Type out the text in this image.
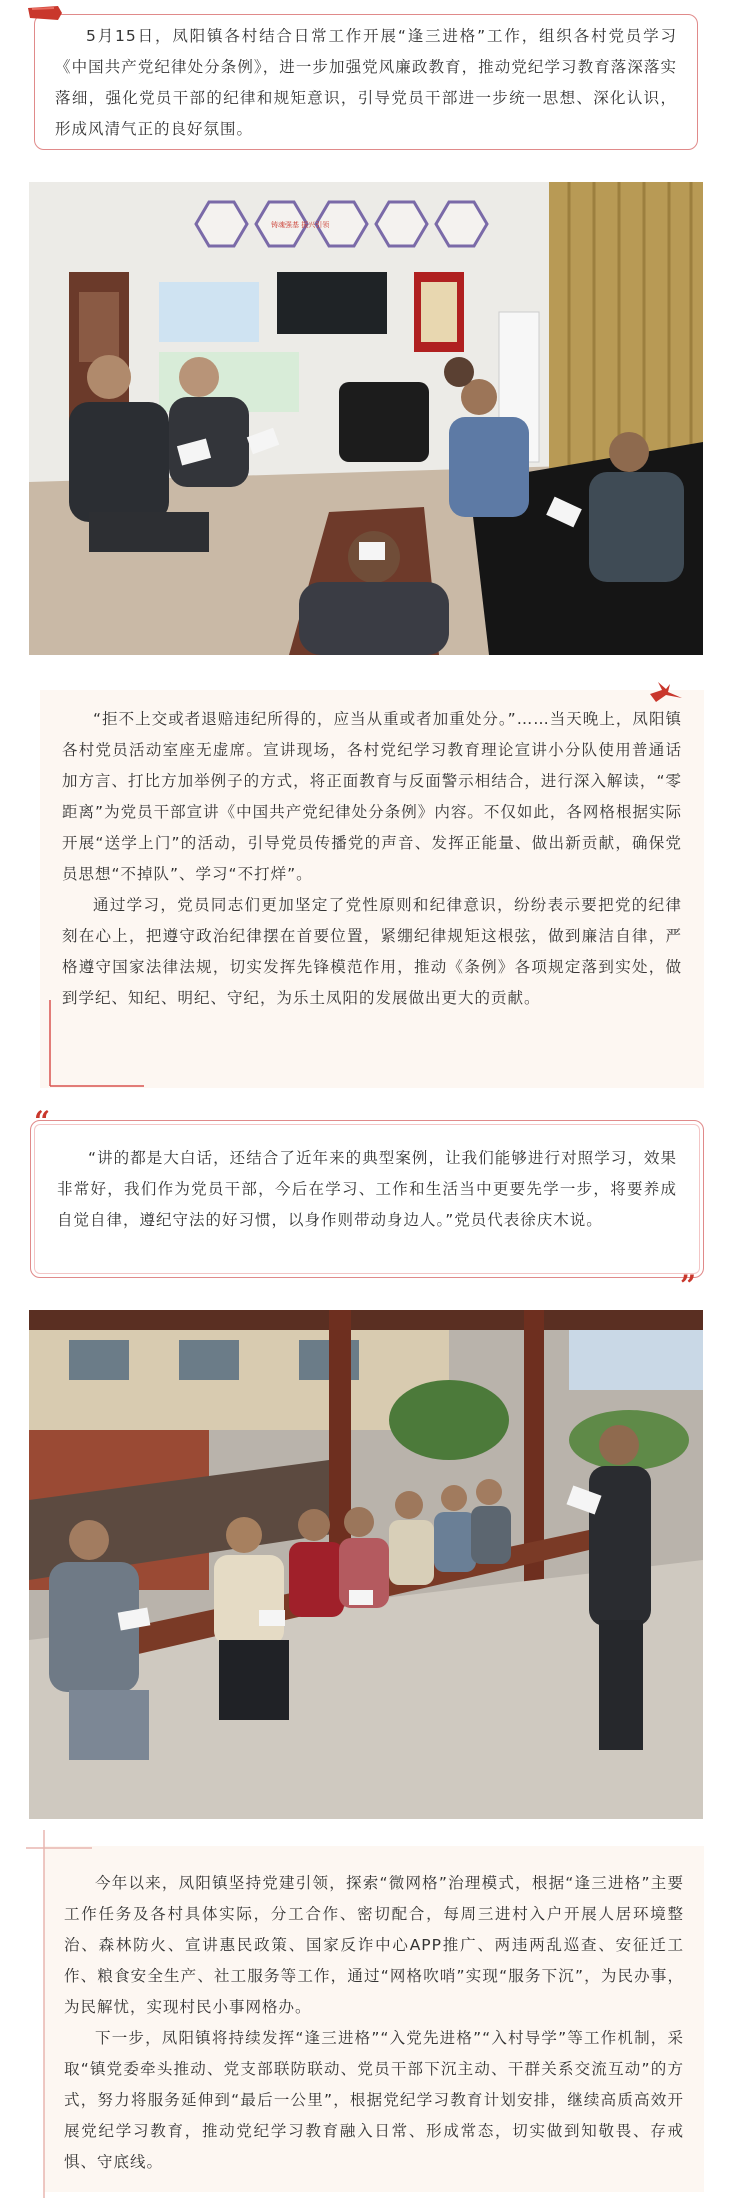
5月15日，凤阳镇各村结合日常工作开展“逢三进格”工作，组织各村党员学习《中国共产党纪律处分条例》，进一步加强党风廉政教育，推动党纪学习教育落深落实落细，强化党员干部的纪律和规矩意识，引导党员干部进一步统一思想、深化认识，形成风清气正的良好氛围。

铸魂强基 振兴引领

“拒不上交或者退赔违纪所得的，应当从重或者加重处分。”……当天晚上，凤阳镇各村党员活动室座无虚席。宣讲现场，各村党纪学习教育理论宣讲小分队使用普通话加方言、打比方加举例子的方式，将正面教育与反面警示相结合，进行深入解读，“零距离”为党员干部宣讲《中国共产党纪律处分条例》内容。不仅如此，各网格根据实际开展“送学上门”的活动，引导党员传播党的声音、发挥正能量、做出新贡献，确保党员思想“不掉队”、学习“不打烊”。

通过学习，党员同志们更加坚定了党性原则和纪律意识，纷纷表示要把党的纪律刻在心上，把遵守政治纪律摆在首要位置，紧绷纪律规矩这根弦，做到廉洁自律，严格遵守国家法律法规，切实发挥先锋模范作用，推动《条例》各项规定落到实处，做到学纪、知纪、明纪、守纪，为乐土凤阳的发展做出更大的贡献。

“讲的都是大白话，还结合了近年来的典型案例，让我们能够进行对照学习，效果非常好，我们作为党员干部，今后在学习、工作和生活当中更要先学一步，将要养成自觉自律，遵纪守法的好习惯，以身作则带动身边人。”党员代表徐庆木说。

“
”

今年以来，凤阳镇坚持党建引领，探索“微网格”治理模式，根据“逢三进格”主要工作任务及各村具体实际，分工合作、密切配合，每周三进村入户开展人居环境整治、森林防火、宣讲惠民政策、国家反诈中心APP推广、两违两乱巡查、安征迁工作、粮食安全生产、社工服务等工作，通过“网格吹哨”实现“服务下沉”，为民办事，为民解忧，实现村民小事网格办。

下一步，凤阳镇将持续发挥“逢三进格”“入党先进格”“入村导学”等工作机制，采取“镇党委牵头推动、党支部联防联动、党员干部下沉主动、干群关系交流互动”的方式，努力将服务延伸到“最后一公里”，根据党纪学习教育计划安排，继续高质高效开展党纪学习教育，推动党纪学习教育融入日常、形成常态，切实做到知敬畏、存戒惧、守底线。
